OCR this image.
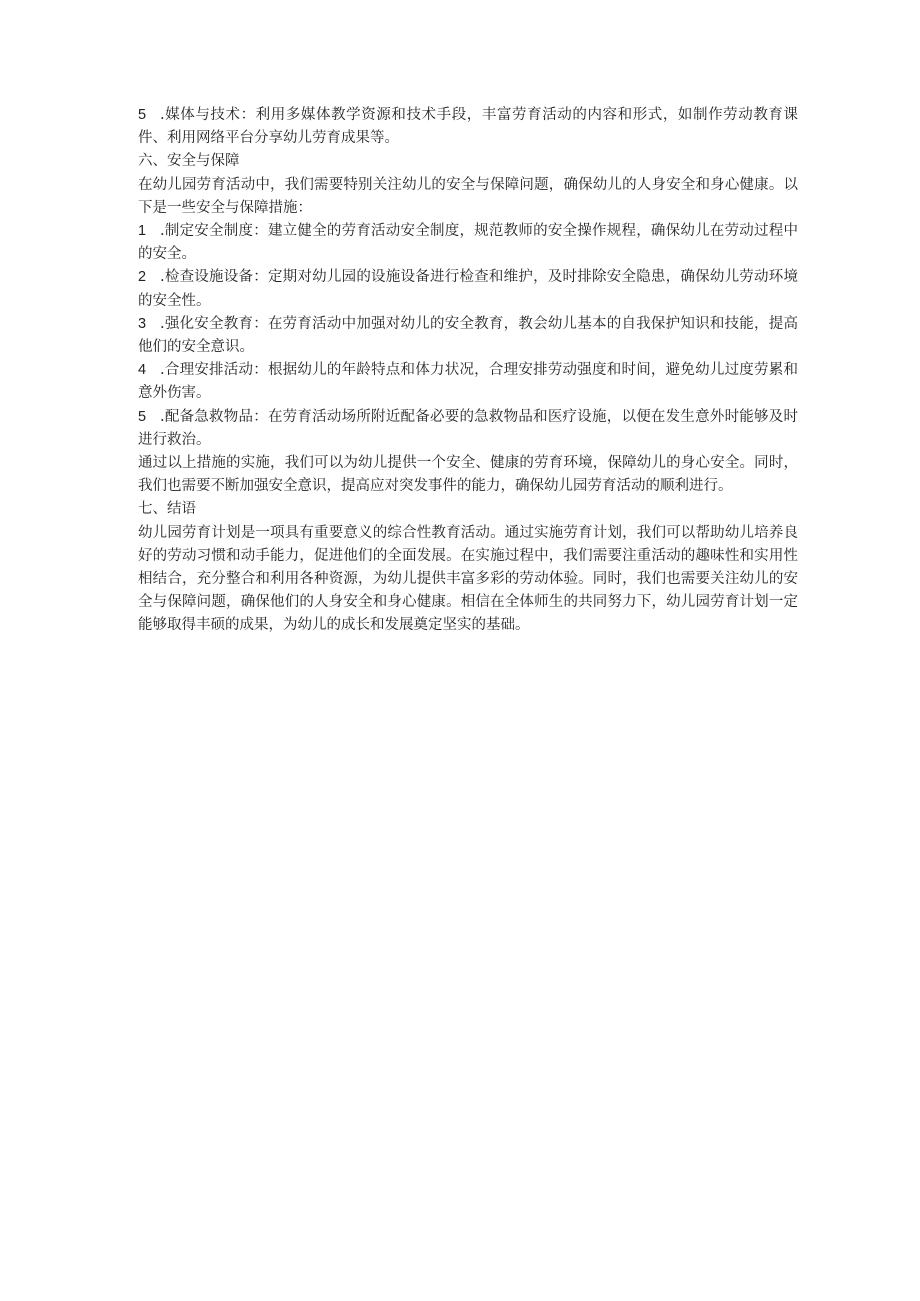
5 .媒体与技术：利用多媒体教学资源和技术手段，丰富劳育活动的内容和形式，如制作劳动教育课件、利用网络平台分享幼儿劳育成果等。

六、安全与保障

在幼儿园劳育活动中，我们需要特别关注幼儿的安全与保障问题，确保幼儿的人身安全和身心健康。以下是一些安全与保障措施：

1 .制定安全制度：建立健全的劳育活动安全制度，规范教师的安全操作规程，确保幼儿在劳动过程中的安全。

2 .检查设施设备：定期对幼儿园的设施设备进行检查和维护，及时排除安全隐患，确保幼儿劳动环境的安全性。

3 .强化安全教育：在劳育活动中加强对幼儿的安全教育，教会幼儿基本的自我保护知识和技能，提高他们的安全意识。

4 .合理安排活动：根据幼儿的年龄特点和体力状况，合理安排劳动强度和时间，避免幼儿过度劳累和意外伤害。

5 .配备急救物品：在劳育活动场所附近配备必要的急救物品和医疗设施，以便在发生意外时能够及时进行救治。

通过以上措施的实施，我们可以为幼儿提供一个安全、健康的劳育环境，保障幼儿的身心安全。同时，我们也需要不断加强安全意识，提高应对突发事件的能力，确保幼儿园劳育活动的顺利进行。

七、结语

幼儿园劳育计划是一项具有重要意义的综合性教育活动。通过实施劳育计划，我们可以帮助幼儿培养良好的劳动习惯和动手能力，促进他们的全面发展。在实施过程中，我们需要注重活动的趣味性和实用性相结合，充分整合和利用各种资源，为幼儿提供丰富多彩的劳动体验。同时，我们也需要关注幼儿的安全与保障问题，确保他们的人身安全和身心健康。相信在全体师生的共同努力下，幼儿园劳育计划一定能够取得丰硕的成果，为幼儿的成长和发展奠定坚实的基础。
